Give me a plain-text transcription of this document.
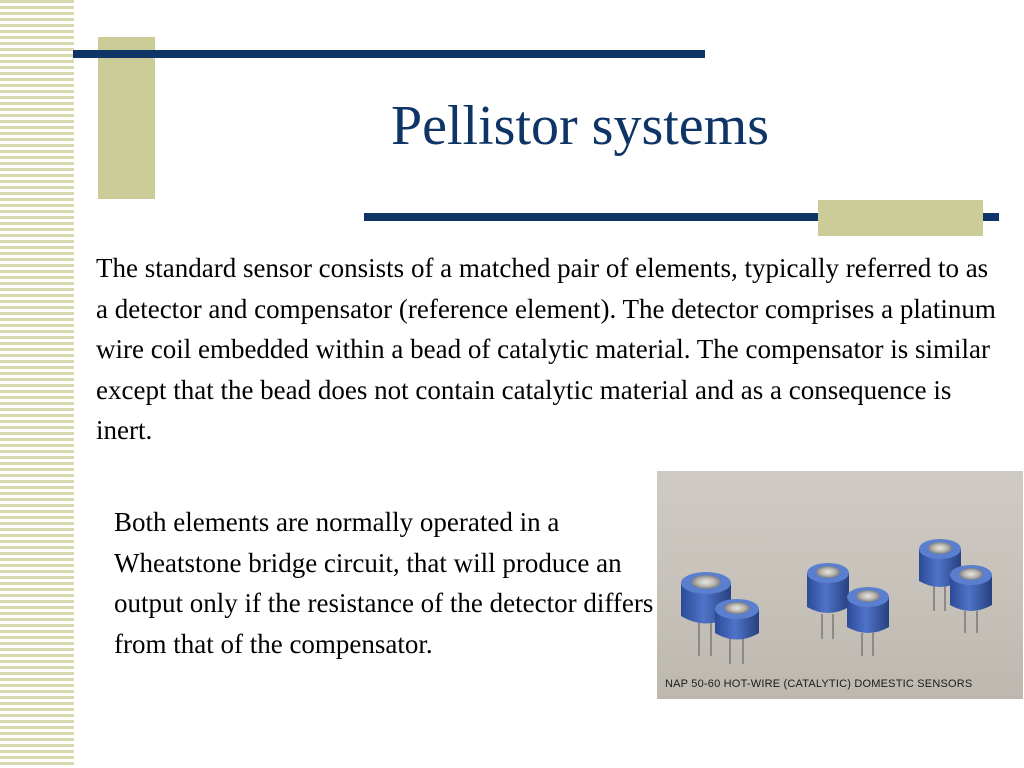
Pellistor systems

The standard sensor consists of a matched pair of elements, typically referred to as a detector and compensator (reference element). The detector comprises a platinum wire coil embedded within a bead of catalytic material. The compensator is similar except that the bead does not contain catalytic material and as a consequence is inert.

Both elements are normally operated in a Wheatstone bridge circuit, that will produce an output only if the resistance of the detector differs from that of the compensator.

NAP 50-60 HOT-WIRE (CATALYTIC) DOMESTIC SENSORS
